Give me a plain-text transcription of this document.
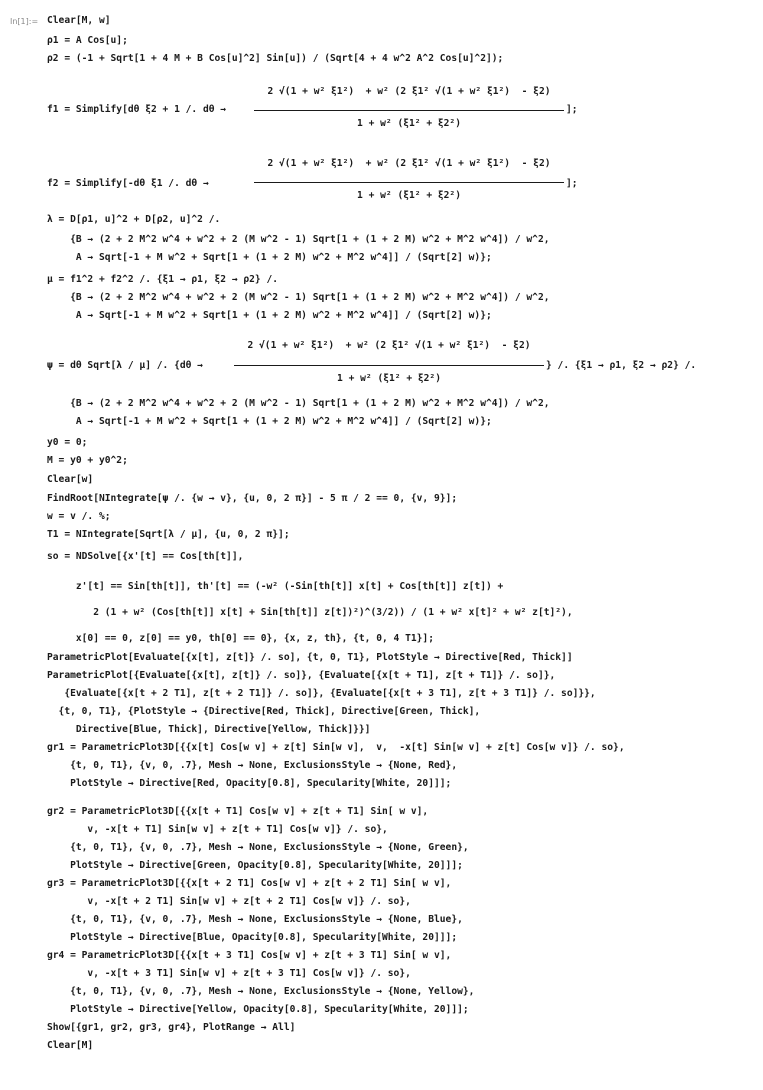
In[1]:= Clear[M, w]
ρ1 = A Cos[u];
ρ2 = (-1 + Sqrt[1 + 4 M + B Cos[u]^2] Sin[u]) / (Sqrt[4 + 4 w^2 A^2 Cos[u]^2]);
f1 = Simplify[dθ ξ2 + 1 /. dθ →
2 √(1 + w² ξ1²)  + w² (2 ξ1² √(1 + w² ξ1²)  - ξ2)
1 + w² (ξ1² + ξ2²)
];
f2 = Simplify[-dθ ξ1 /. dθ →
2 √(1 + w² ξ1²)  + w² (2 ξ1² √(1 + w² ξ1²)  - ξ2)
1 + w² (ξ1² + ξ2²)
];
λ = D[ρ1, u]^2 + D[ρ2, u]^2 /.
{B → (2 + 2 M^2 w^4 + w^2 + 2 (M w^2 - 1) Sqrt[1 + (1 + 2 M) w^2 + M^2 w^4]) / w^2,
A → Sqrt[-1 + M w^2 + Sqrt[1 + (1 + 2 M) w^2 + M^2 w^4]] / (Sqrt[2] w)};
μ = f1^2 + f2^2 /. {ξ1 → ρ1, ξ2 → ρ2} /.
{B → (2 + 2 M^2 w^4 + w^2 + 2 (M w^2 - 1) Sqrt[1 + (1 + 2 M) w^2 + M^2 w^4]) / w^2,
A → Sqrt[-1 + M w^2 + Sqrt[1 + (1 + 2 M) w^2 + M^2 w^4]] / (Sqrt[2] w)};
ψ = dθ Sqrt[λ / μ] /. {dθ →
2 √(1 + w² ξ1²)  + w² (2 ξ1² √(1 + w² ξ1²)  - ξ2)
1 + w² (ξ1² + ξ2²)
} /. {ξ1 → ρ1, ξ2 → ρ2} /.
{B → (2 + 2 M^2 w^4 + w^2 + 2 (M w^2 - 1) Sqrt[1 + (1 + 2 M) w^2 + M^2 w^4]) / w^2,
A → Sqrt[-1 + M w^2 + Sqrt[1 + (1 + 2 M) w^2 + M^2 w^4]] / (Sqrt[2] w)};
y0 = 0;
M = y0 + y0^2;
Clear[w]
FindRoot[NIntegrate[ψ /. {w → v}, {u, 0, 2 π}] - 5 π / 2 == 0, {v, 9}];
w = v /. %;
T1 = NIntegrate[Sqrt[λ / μ], {u, 0, 2 π}];
so = NDSolve[{x'[t] == Cos[th[t]],
z'[t] == Sin[th[t]], th'[t] == (-w² (-Sin[th[t]] x[t] + Cos[th[t]] z[t]) +
2 (1 + w² (Cos[th[t]] x[t] + Sin[th[t]] z[t])²)^(3/2)) / (1 + w² x[t]² + w² z[t]²),
x[0] == 0, z[0] == y0, th[0] == 0}, {x, z, th}, {t, 0, 4 T1}];
ParametricPlot[Evaluate[{x[t], z[t]} /. so], {t, 0, T1}, PlotStyle → Directive[Red, Thick]]
ParametricPlot[{Evaluate[{x[t], z[t]} /. so]}, {Evaluate[{x[t + T1], z[t + T1]} /. so]},
{Evaluate[{x[t + 2 T1], z[t + 2 T1]} /. so]}, {Evaluate[{x[t + 3 T1], z[t + 3 T1]} /. so]}},
{t, 0, T1}, {PlotStyle → {Directive[Red, Thick], Directive[Green, Thick],
Directive[Blue, Thick], Directive[Yellow, Thick]}}]
gr1 = ParametricPlot3D[{{x[t] Cos[w v] + z[t] Sin[w v],  v,  -x[t] Sin[w v] + z[t] Cos[w v]} /. so},
{t, 0, T1}, {v, 0, .7}, Mesh → None, ExclusionsStyle → {None, Red},
PlotStyle → Directive[Red, Opacity[0.8], Specularity[White, 20]]];
gr2 = ParametricPlot3D[{{x[t + T1] Cos[w v] + z[t + T1] Sin[ w v],
v, -x[t + T1] Sin[w v] + z[t + T1] Cos[w v]} /. so},
{t, 0, T1}, {v, 0, .7}, Mesh → None, ExclusionsStyle → {None, Green},
PlotStyle → Directive[Green, Opacity[0.8], Specularity[White, 20]]];
gr3 = ParametricPlot3D[{{x[t + 2 T1] Cos[w v] + z[t + 2 T1] Sin[ w v],
v, -x[t + 2 T1] Sin[w v] + z[t + 2 T1] Cos[w v]} /. so},
{t, 0, T1}, {v, 0, .7}, Mesh → None, ExclusionsStyle → {None, Blue},
PlotStyle → Directive[Blue, Opacity[0.8], Specularity[White, 20]]];
gr4 = ParametricPlot3D[{{x[t + 3 T1] Cos[w v] + z[t + 3 T1] Sin[ w v],
v, -x[t + 3 T1] Sin[w v] + z[t + 3 T1] Cos[w v]} /. so},
{t, 0, T1}, {v, 0, .7}, Mesh → None, ExclusionsStyle → {None, Yellow},
PlotStyle → Directive[Yellow, Opacity[0.8], Specularity[White, 20]]];
Show[{gr1, gr2, gr3, gr4}, PlotRange → All]
Clear[M]
